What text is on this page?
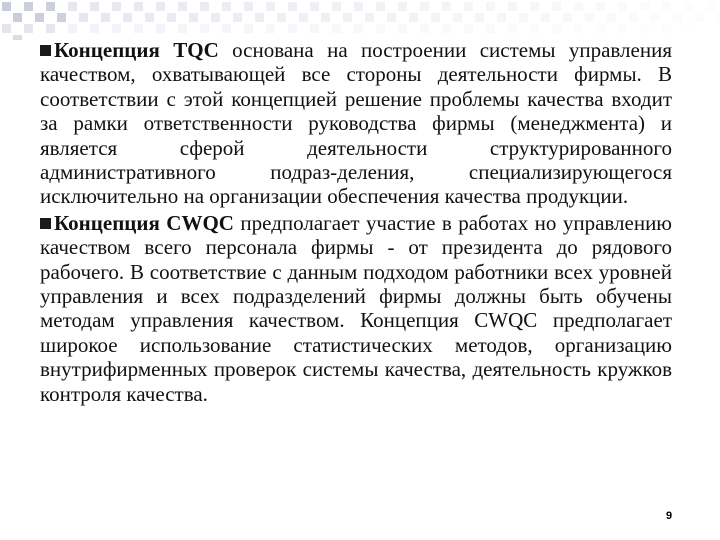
Концепция TQC основана на построении системы управления качеством, охватывающей все стороны деятельности фирмы. В соответствии с этой концепцией решение проблемы качества входит за рамки ответственности руководства фирмы (менеджмента) и является сферой деятельности структурированного административного подраз-деления, специализирующегося исключительно на организации обеспечения качества продукции.

Концепция CWQC предполагает участие в работах но управлению качеством всего персонала фирмы - от президента до рядового рабочего. В соответствие с данным подходом работники всех уровней управления и всех подразделений фирмы должны быть обучены методам управления качеством. Концепция CWQC предполагает широкое использование статистических методов, организацию внутрифирменных проверок системы качества, деятельность кружков контроля качества.

9
